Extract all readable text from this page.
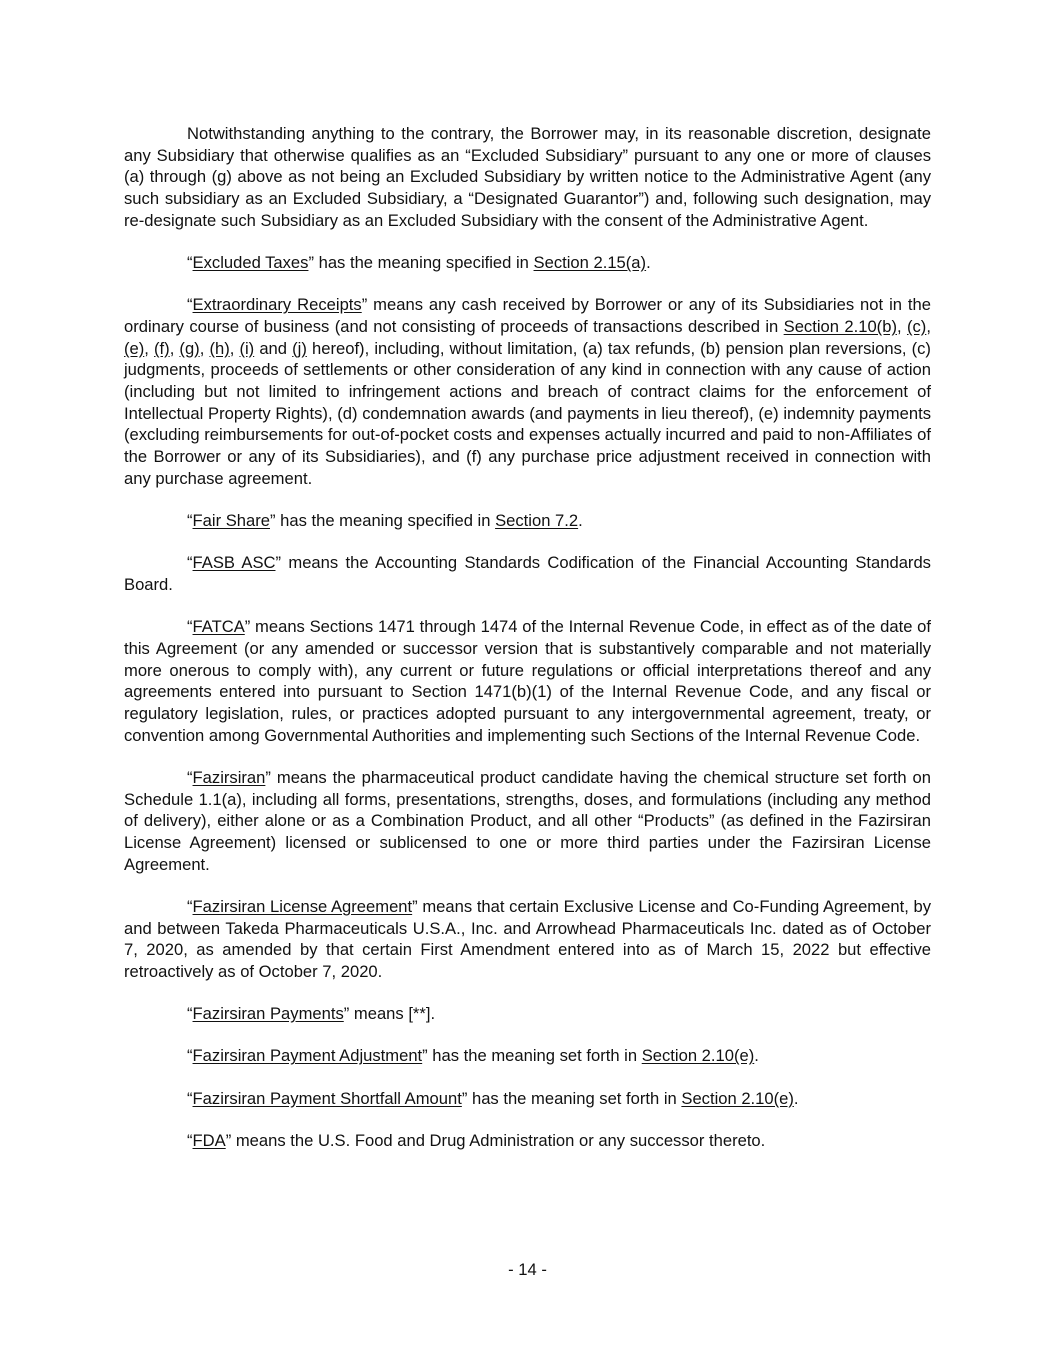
Notwithstanding anything to the contrary, the Borrower may, in its reasonable discretion, designate any Subsidiary that otherwise qualifies as an “Excluded Subsidiary” pursuant to any one or more of clauses (a) through (g) above as not being an Excluded Subsidiary by written notice to the Administrative Agent (any such subsidiary as an Excluded Subsidiary, a “Designated Guarantor”) and, following such designation, may re-designate such Subsidiary as an Excluded Subsidiary with the consent of the Administrative Agent.

“Excluded Taxes” has the meaning specified in Section 2.15(a).

“Extraordinary Receipts” means any cash received by Borrower or any of its Subsidiaries not in the ordinary course of business (and not consisting of proceeds of transactions described in Section 2.10(b), (c), (e), (f), (g), (h), (i) and (j) hereof), including, without limitation, (a) tax refunds, (b) pension plan reversions, (c) judgments, proceeds of settlements or other consideration of any kind in connection with any cause of action (including but not limited to infringement actions and breach of contract claims for the enforcement of Intellectual Property Rights), (d) condemnation awards (and payments in lieu thereof), (e) indemnity payments (excluding reimbursements for out-of-pocket costs and expenses actually incurred and paid to non-Affiliates of the Borrower or any of its Subsidiaries), and (f) any purchase price adjustment received in connection with any purchase agreement.

“Fair Share” has the meaning specified in Section 7.2.

“FASB ASC” means the Accounting Standards Codification of the Financial Accounting Standards Board.

“FATCA” means Sections 1471 through 1474 of the Internal Revenue Code, in effect as of the date of this Agreement (or any amended or successor version that is substantively comparable and not materially more onerous to comply with), any current or future regulations or official interpretations thereof and any agreements entered into pursuant to Section 1471(b)(1) of the Internal Revenue Code, and any fiscal or regulatory legislation, rules, or practices adopted pursuant to any intergovernmental agreement, treaty, or convention among Governmental Authorities and implementing such Sections of the Internal Revenue Code.

“Fazirsiran” means the pharmaceutical product candidate having the chemical structure set forth on Schedule 1.1(a), including all forms, presentations, strengths, doses, and formulations (including any method of delivery), either alone or as a Combination Product, and all other “Products” (as defined in the Fazirsiran License Agreement) licensed or sublicensed to one or more third parties under the Fazirsiran License Agreement.

“Fazirsiran License Agreement” means that certain Exclusive License and Co-Funding Agreement, by and between Takeda Pharmaceuticals U.S.A., Inc. and Arrowhead Pharmaceuticals Inc. dated as of October 7, 2020, as amended by that certain First Amendment entered into as of March 15, 2022 but effective retroactively as of October 7, 2020.

“Fazirsiran Payments” means [**].

“Fazirsiran Payment Adjustment” has the meaning set forth in Section 2.10(e).

“Fazirsiran Payment Shortfall Amount” has the meaning set forth in Section 2.10(e).

“FDA” means the U.S. Food and Drug Administration or any successor thereto.

- 14 -
